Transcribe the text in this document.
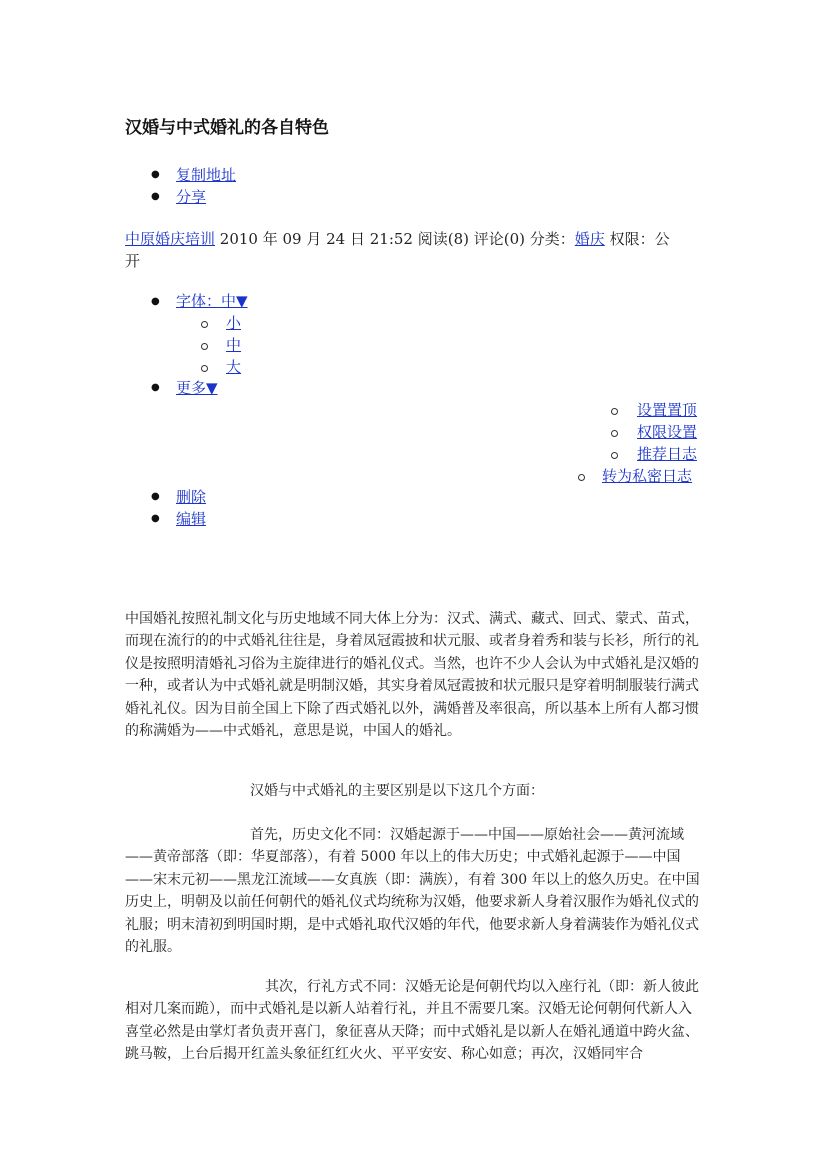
汉婚与中式婚礼的各自特色
● 复制地址
● 分享
中原婚庆培训 2010 年 09 月 24 日 21:52 阅读(8) 评论(0) 分类：婚庆 权限：公
开
● 字体：中▼
小
中
大
● 更多▼
设置置顶
权限设置
推荐日志
转为私密日志
● 删除
● 编辑

中国婚礼按照礼制文化与历史地域不同大体上分为：汉式、满式、藏式、回式、蒙式、苗式，而现在流行的的中式婚礼往往是，身着凤冠霞披和状元服、或者身着秀和装与长衫，所行的礼仪是按照明清婚礼习俗为主旋律进行的婚礼仪式。当然，也许不少人会认为中式婚礼是汉婚的一种，或者认为中式婚礼就是明制汉婚，其实身着凤冠霞披和状元服只是穿着明制服装行满式婚礼礼仪。因为目前全国上下除了西式婚礼以外，满婚普及率很高，所以基本上所有人都习惯的称满婚为——中式婚礼，意思是说，中国人的婚礼。

汉婚与中式婚礼的主要区别是以下这几个方面：

首先，历史文化不同：汉婚起源于——中国——原始社会——黄河流域——黄帝部落（即：华夏部落），有着 5000 年以上的伟大历史；中式婚礼起源于——中国——宋末元初——黑龙江流域——女真族（即：满族），有着 300 年以上的悠久历史。在中国历史上，明朝及以前任何朝代的婚礼仪式均统称为汉婚，他要求新人身着汉服作为婚礼仪式的礼服；明末清初到明国时期，是中式婚礼取代汉婚的年代，他要求新人身着满装作为婚礼仪式的礼服。

其次，行礼方式不同：汉婚无论是何朝代均以入座行礼（即：新人彼此相对几案而跪），而中式婚礼是以新人站着行礼，并且不需要几案。汉婚无论何朝何代新人入喜堂必然是由掌灯者负责开喜门，象征喜从天降；而中式婚礼是以新人在婚礼通道中跨火盆、跳马鞍，上台后揭开红盖头象征红红火火、平平安安、称心如意；再次，汉婚同牢合
